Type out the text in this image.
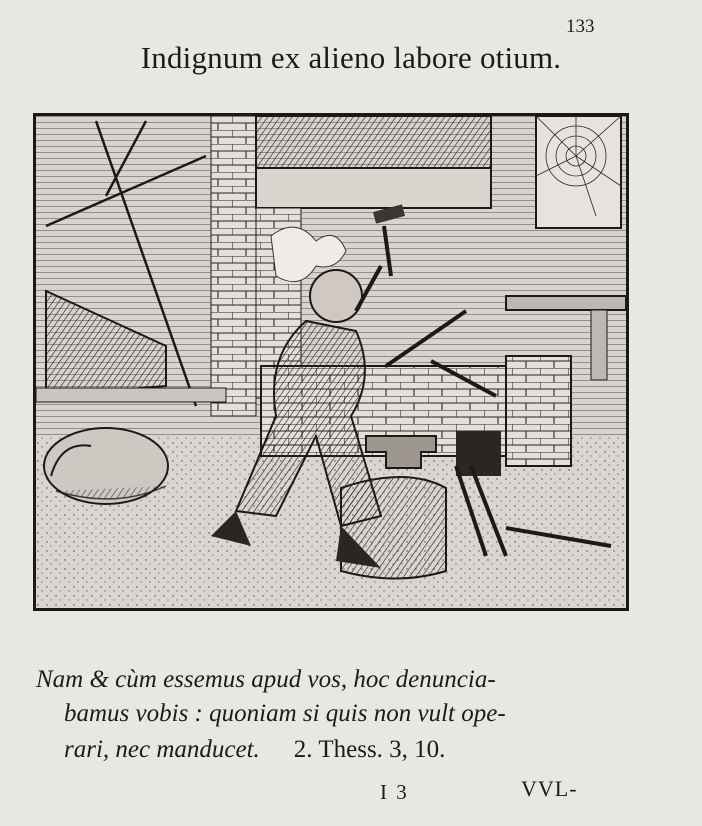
133
Indignum ex alieno labore otium.
Nam & cùm essemus apud vos, hoc denuncia-
bamus vobis : quoniam si quis non vult ope-
rari, nec manducet. 2. Thess. 3, 10.
I 3	VVL-
